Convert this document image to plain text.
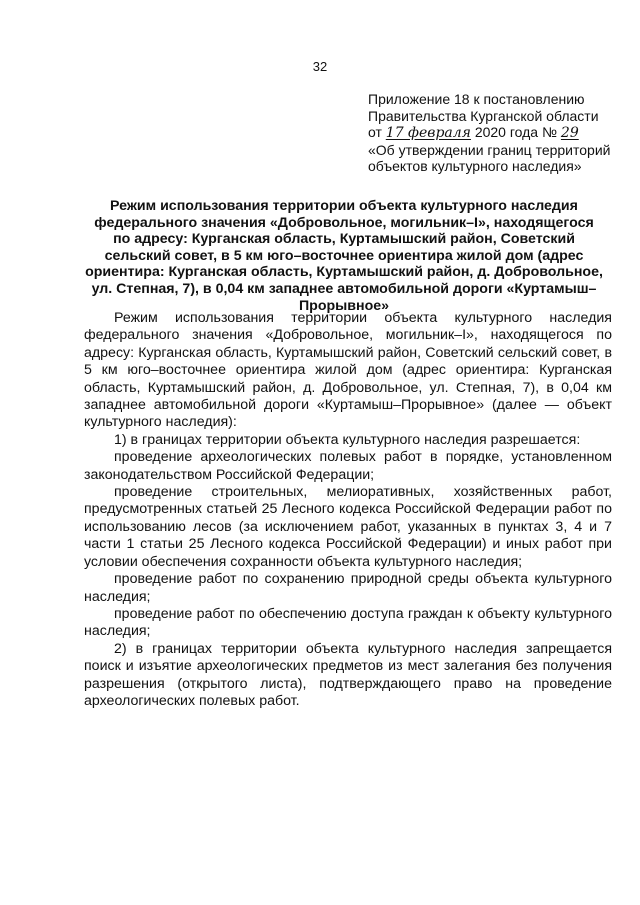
32
Приложение 18 к постановлению
Правительства Курганской области
от 17 февраля 2020 года № 29
«Об утверждении границ территорий
объектов культурного наследия»
Режим использования территории объекта культурного наследия федерального значения «Добровольное, могильник–I», находящегося по адресу: Курганская область, Куртамышский район, Советский сельский совет, в 5 км юго–восточнее ориентира жилой дом (адрес ориентира: Курганская область, Куртамышский район, д. Добровольное, ул. Степная, 7), в 0,04 км западнее автомобильной дороги «Куртамыш–Прорывное»

Режим использования территории объекта культурного наследия федерального значения «Добровольное, могильник–I», находящегося по адресу: Курганская область, Куртамышский район, Советский сельский совет, в 5 км юго–восточнее ориентира жилой дом (адрес ориентира: Курганская область, Куртамышский район, д. Добровольное, ул. Степная, 7), в 0,04 км западнее автомобильной дороги «Куртамыш–Прорывное» (далее — объект культурного наследия):

1) в границах территории объекта культурного наследия разрешается:

проведение археологических полевых работ в порядке, установленном законодательством Российской Федерации;

проведение строительных, мелиоративных, хозяйственных работ, предусмотренных статьей 25 Лесного кодекса Российской Федерации работ по использованию лесов (за исключением работ, указанных в пунктах 3, 4 и 7 части 1 статьи 25 Лесного кодекса Российской Федерации) и иных работ при условии обеспечения сохранности объекта культурного наследия;

проведение работ по сохранению природной среды объекта культурного наследия;

проведение работ по обеспечению доступа граждан к объекту культурного наследия;

2) в границах территории объекта культурного наследия запрещается поиск и изъятие археологических предметов из мест залегания без получения разрешения (открытого листа), подтверждающего право на проведение археологических полевых работ.
